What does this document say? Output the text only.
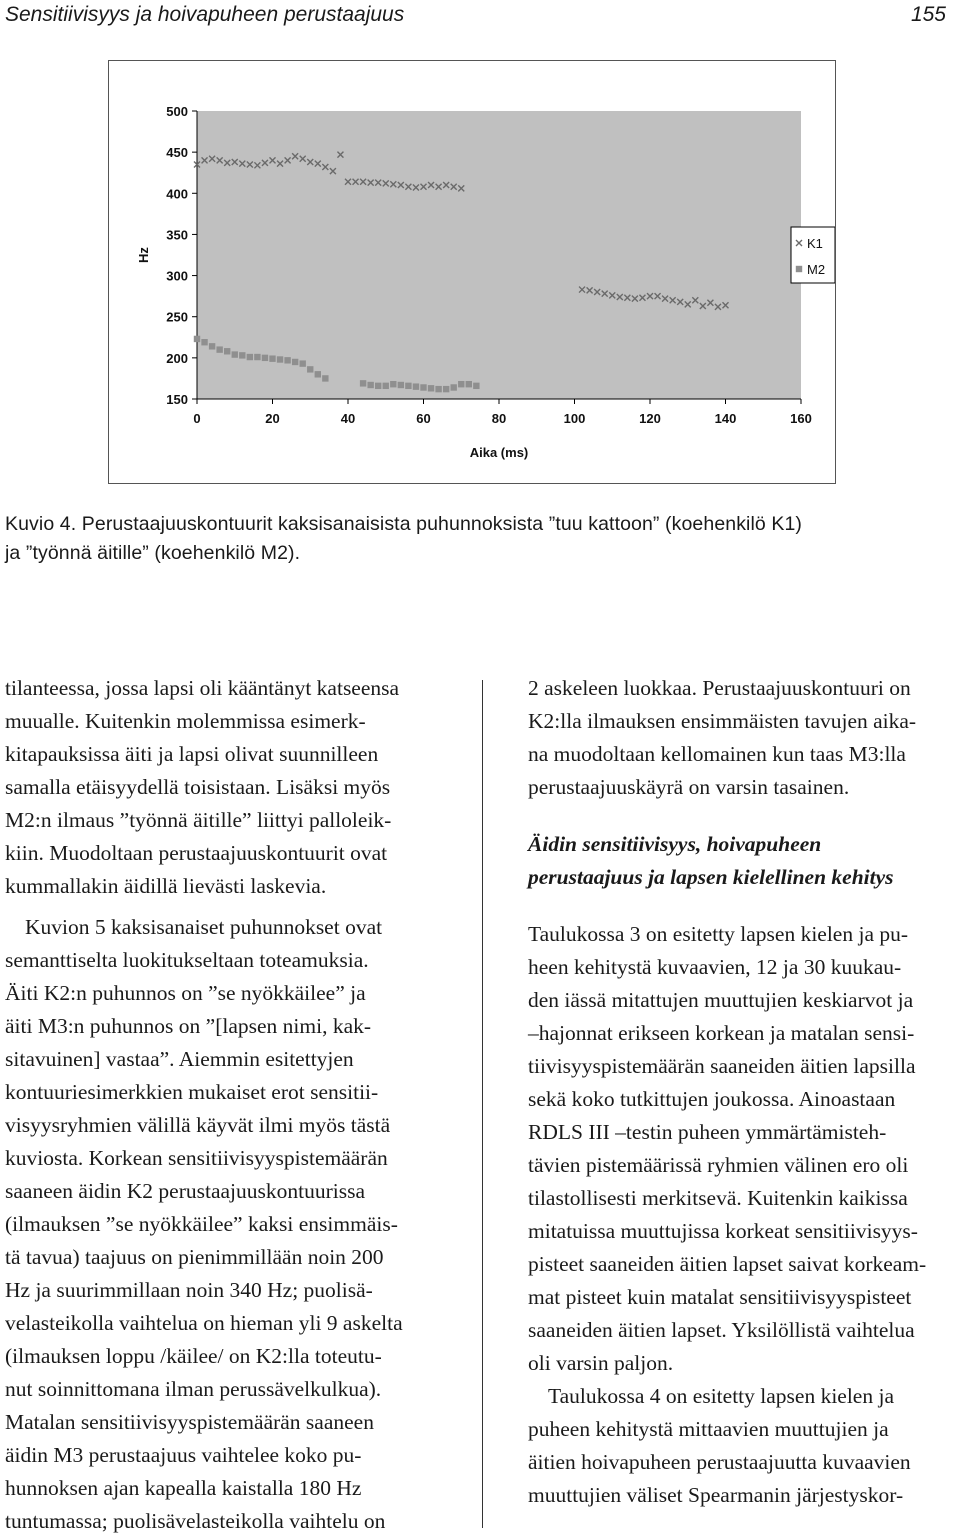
Sensitiivisyys ja hoivapuheen perustaajuus	155
150
200
250
300
350
400
450
500
0	20	40	60	80	100	120	140	160
Aika (ms)
Hz
K1
M2
Kuvio 4. Perustaajuuskontuurit kaksisanaisista puhunnoksista ”tuu kattoon” (koehenkilö K1)
ja ”työnnä äitille” (koehenkilö M2).
tilanteessa, jossa lapsi oli kääntänyt katseensa
muualle. Kuitenkin molemmissa esimerk-
kitapauksissa äiti ja lapsi olivat suunnilleen
samalla etäisyydellä toisistaan. Lisäksi myös
M2:n ilmaus ”työnnä äitille” liittyi palloleik-
kiin. Muodoltaan perustaajuuskontuurit ovat
kummallakin äidillä lievästi laskevia.
Kuvion 5 kaksisanaiset puhunnokset ovat
semanttiselta luokitukseltaan toteamuksia.
Äiti K2:n puhunnos on ”se nyökkäilee” ja
äiti M3:n puhunnos on ”[lapsen nimi, kak-
sitavuinen] vastaa”. Aiemmin esitettyjen
kontuuriesimerkkien mukaiset erot sensitii-
visyysryhmien välillä käyvät ilmi myös tästä
kuviosta. Korkean sensitiivisyyspistemäärän
saaneen äidin K2 perustaajuuskontuurissa
(ilmauksen ”se nyökkäilee” kaksi ensimmäis-
tä tavua) taajuus on pienimmillään noin 200
Hz ja suurimmillaan noin 340 Hz; puolisä-
velasteikolla vaihtelua on hieman yli 9 askelta
(ilmauksen loppu /käilee/ on K2:lla toteutu-
nut soinnittomana ilman perussävelkulkua).
Matalan sensitiivisyyspistemäärän saaneen
äidin M3 perustaajuus vaihtelee koko pu-
hunnoksen ajan kapealla kaistalla 180 Hz
tuntumassa; puolisävelasteikolla vaihtelu on
2 askeleen luokkaa. Perustaajuuskontuuri on
K2:lla ilmauksen ensimmäisten tavujen aika-
na muodoltaan kellomainen kun taas M3:lla
perustaajuuskäyrä on varsin tasainen.
Äidin sensitiivisyys, hoivapuheen
perustaajuus ja lapsen kielellinen kehitys
Taulukossa 3 on esitetty lapsen kielen ja pu-
heen kehitystä kuvaavien, 12 ja 30 kuukau-
den iässä mitattujen muuttujien keskiarvot ja
–hajonnat erikseen korkean ja matalan sensi-
tiivisyyspistemäärän saaneiden äitien lapsilla
sekä koko tutkittujen joukossa. Ainoastaan
RDLS III –testin puheen ymmärtämisteh-
tävien pistemäärissä ryhmien välinen ero oli
tilastollisesti merkitsevä. Kuitenkin kaikissa
mitatuissa muuttujissa korkeat sensitiivisyys-
pisteet saaneiden äitien lapset saivat korkeam-
mat pisteet kuin matalat sensitiivisyyspisteet
saaneiden äitien lapset. Yksilöllistä vaihtelua
oli varsin paljon.
Taulukossa 4 on esitetty lapsen kielen ja
puheen kehitystä mittaavien muuttujien ja
äitien hoivapuheen perustaajuutta kuvaavien
muuttujien väliset Spearmanin järjestyskor-
